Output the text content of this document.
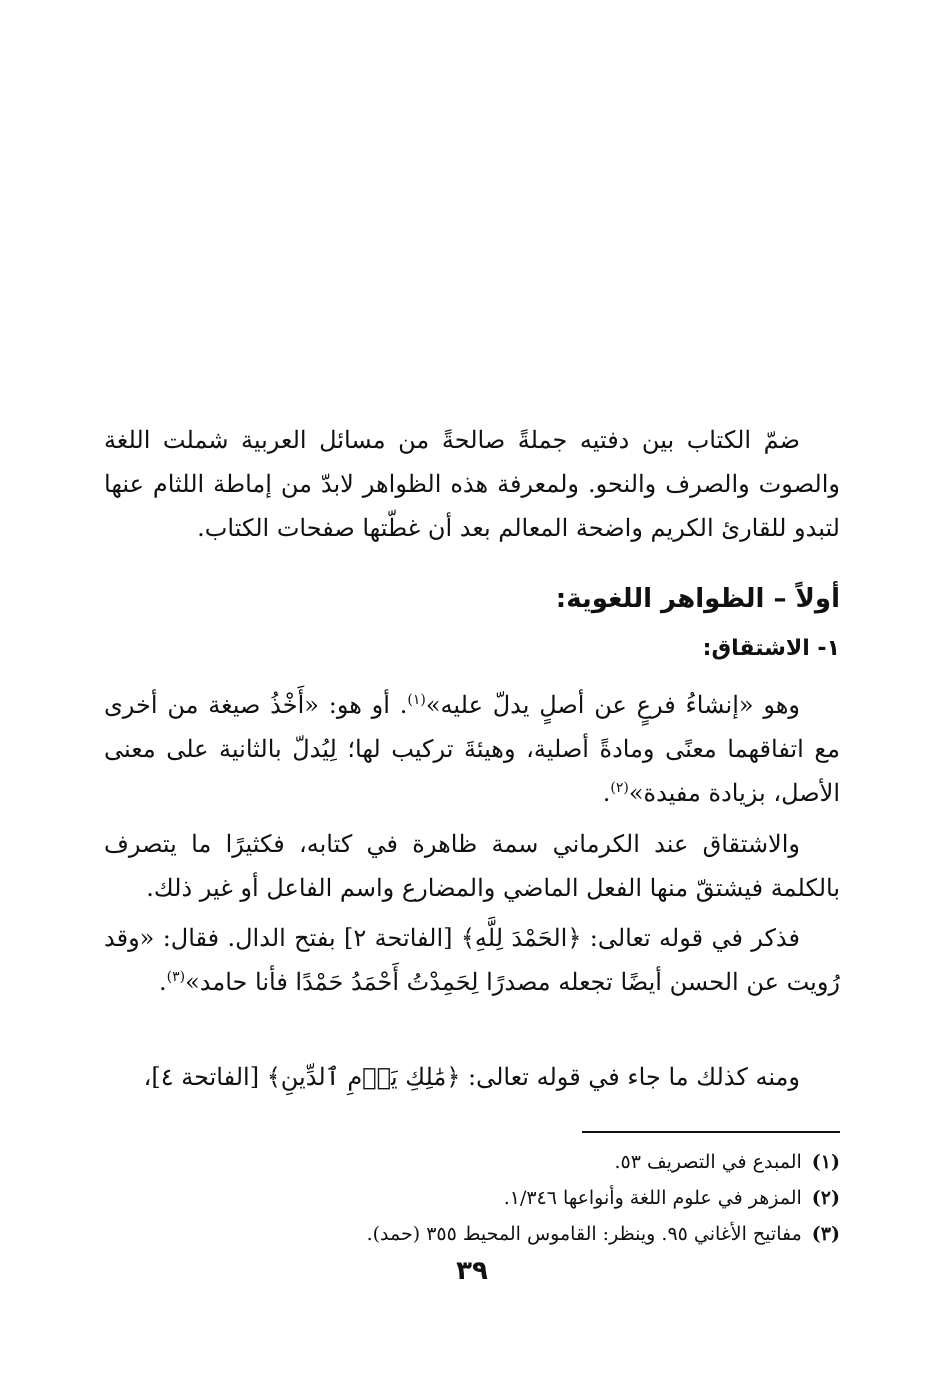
ضمّ الكتاب بين دفتيه جملةً صالحةً من مسائل العربية شملت اللغة والصوت والصرف والنحو. ولمعرفة هذه الظواهر لابدّ من إماطة اللثام عنها لتبدو للقارئ الكريم واضحة المعالم بعد أن غطّتها صفحات الكتاب.

أولاً – الظواهر اللغوية:
١- الاشتقاق:

وهو «إنشاءُ فرعٍ عن أصلٍ يدلّ عليه»$^{(١)}$. أو هو: «أَخْذُ صيغة من أخرى مع اتفاقهما معنًى ومادةً أصلية، وهيئةَ تركيب لها؛ لِيُدلّ بالثانية على معنى الأصل، بزيادة مفيدة»$^{(٢)}$.

والاشتقاق عند الكرماني سمة ظاهرة في كتابه، فكثيرًا ما يتصرف بالكلمة فيشتقّ منها الفعل الماضي والمضارع واسم الفاعل أو غير ذلك.

فذكر في قوله تعالى: ﴿الحَمْدَ لِلَّهِ﴾ [الفاتحة ٢] بفتح الدال. فقال: «وقد رُويت عن الحسن أيضًا تجعله مصدرًا لِحَمِدْتُ أَحْمَدُ حَمْدًا فأنا حامد»$^{(٣)}$.

ومنه كذلك ما جاء في قوله تعالى: ﴿مَٰلِكِ يَوۡمِ ٱلدِّينِ﴾ [الفاتحة ٤]،

(١)المبدع في التصريف ٥٣.
(٢)المزهر في علوم اللغة وأنواعها ١/٣٤٦.
(٣)مفاتيح الأغاني ٩٥. وينظر: القاموس المحيط ٣٥٥ (حمد).
٣٩
